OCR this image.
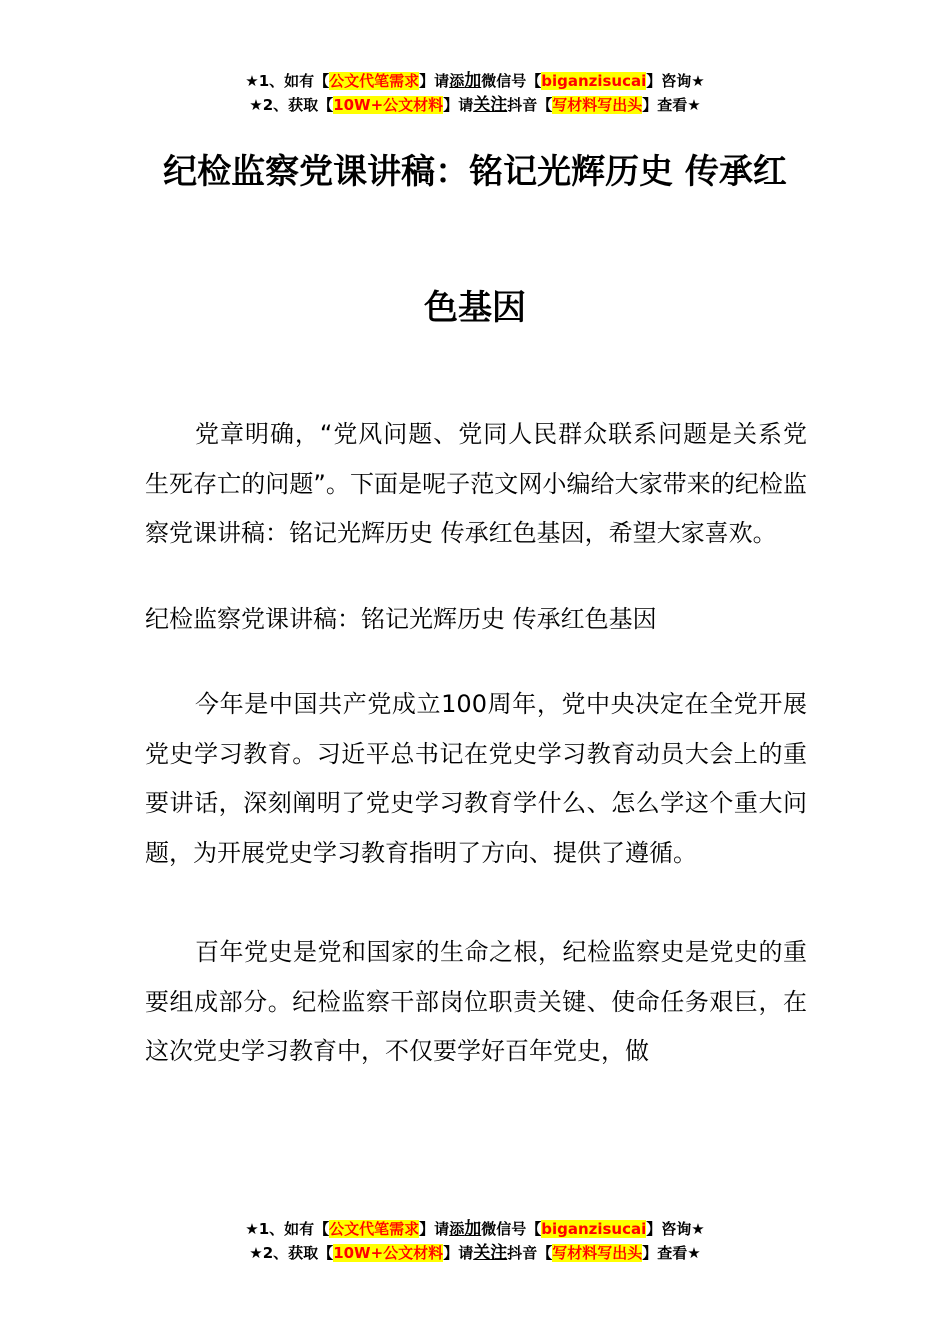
★1、如有【公文代笔需求】请添加微信号【biganzisucai】咨询★
★2、获取【10W+公文材料】请关注抖音【写材料写出头】查看★
纪检监察党课讲稿：铭记光辉历史 传承红
色基因

党章明确，“党风问题、党同人民群众联系问题是关系党生死存亡的问题”。下面是呢子范文网小编给大家带来的纪检监察党课讲稿：铭记光辉历史 传承红色基因，希望大家喜欢。

纪检监察党课讲稿：铭记光辉历史 传承红色基因

今年是中国共产党成立100周年，党中央决定在全党开展党史学习教育。习近平总书记在党史学习教育动员大会上的重要讲话，深刻阐明了党史学习教育学什么、怎么学这个重大问题，为开展党史学习教育指明了方向、提供了遵循。

百年党史是党和国家的生命之根，纪检监察史是党史的重要组成部分。纪检监察干部岗位职责关键、使命任务艰巨，在这次党史学习教育中，不仅要学好百年党史，做

★1、如有【公文代笔需求】请添加微信号【biganzisucai】咨询★
★2、获取【10W+公文材料】请关注抖音【写材料写出头】查看★
